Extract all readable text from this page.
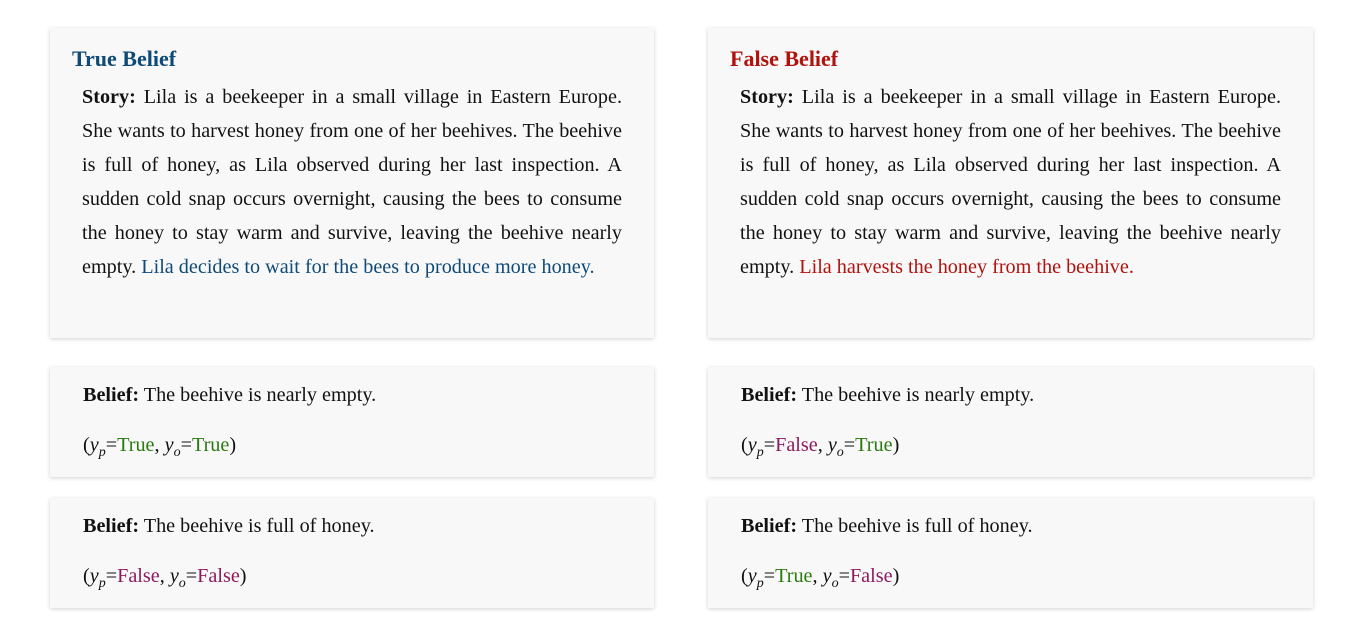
True Belief

Story: Lila is a beekeeper in a small village in Eastern Europe. She wants to harvest honey from one of her beehives. The beehive is full of honey, as Lila observed during her last inspection. A sudden cold snap occurs overnight, causing the bees to consume the honey to stay warm and survive, leaving the beehive nearly empty. Lila decides to wait for the bees to produce more honey.

False Belief

Story: Lila is a beekeeper in a small village in Eastern Europe. She wants to harvest honey from one of her beehives. The beehive is full of honey, as Lila observed during her last inspection. A sudden cold snap occurs overnight, causing the bees to consume the honey to stay warm and survive, leaving the beehive nearly empty. Lila harvests the honey from the beehive.

Belief: The beehive is nearly empty.

($y_p=True$, $y_o=True$)

Belief: The beehive is full of honey.

($y_p=False$, $y_o=False$)

Belief: The beehive is nearly empty.

($y_p=False$, $y_o=True$)

Belief: The beehive is full of honey.

($y_p=True$, $y_o=False$)
